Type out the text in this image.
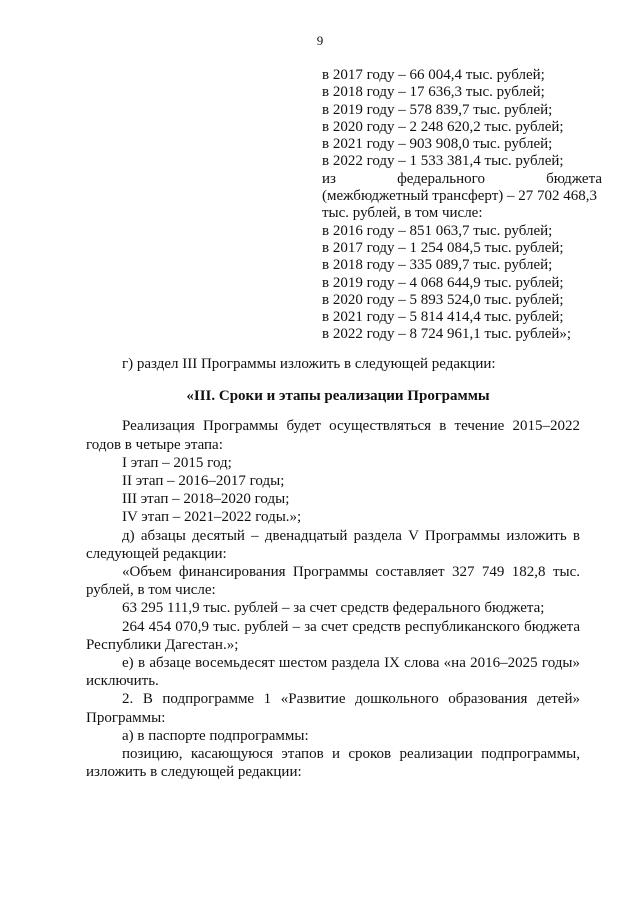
9
в 2017 году – 66 004,4 тыс. рублей;
в 2018 году – 17 636,3 тыс. рублей;
в 2019 году – 578 839,7 тыс. рублей;
в 2020 году – 2 248 620,2 тыс. рублей;
в 2021 году – 903 908,0 тыс. рублей;
в 2022 году – 1 533 381,4 тыс. рублей;
из	федерального	бюджета
(межбюджетный трансферт) – 27 702 468,3
тыс. рублей, в том числе:
в 2016 году – 851 063,7 тыс. рублей;
в 2017 году – 1 254 084,5 тыс. рублей;
в 2018 году – 335 089,7 тыс. рублей;
в 2019 году – 4 068 644,9 тыс. рублей;
в 2020 году – 5 893 524,0 тыс. рублей;
в 2021 году – 5 814 414,4 тыс. рублей;
в 2022 году – 8 724 961,1 тыс. рублей»;

г) раздел III Программы изложить в следующей редакции:

«III. Сроки и этапы реализации Программы

Реализация Программы будет осуществляться в течение 2015–2022 годов в четыре этапа:

I этап – 2015 год;

II этап – 2016–2017 годы;

III этап – 2018–2020 годы;

IV этап – 2021–2022 годы.»;

д) абзацы десятый – двенадцатый раздела V Программы изложить в следующей редакции:

«Объем финансирования Программы составляет 327 749 182,8 тыс. рублей, в том числе:

63 295 111,9 тыс. рублей – за счет средств федерального бюджета;

264 454 070,9 тыс. рублей – за счет средств республиканского бюджета Республики Дагестан.»;

е) в абзаце восемьдесят шестом раздела IX слова «на 2016–2025 годы» исключить.

2. В подпрограмме 1 «Развитие дошкольного образования детей» Программы:

а) в паспорте подпрограммы:

позицию, касающуюся этапов и сроков реализации подпрограммы, изложить в следующей редакции:
